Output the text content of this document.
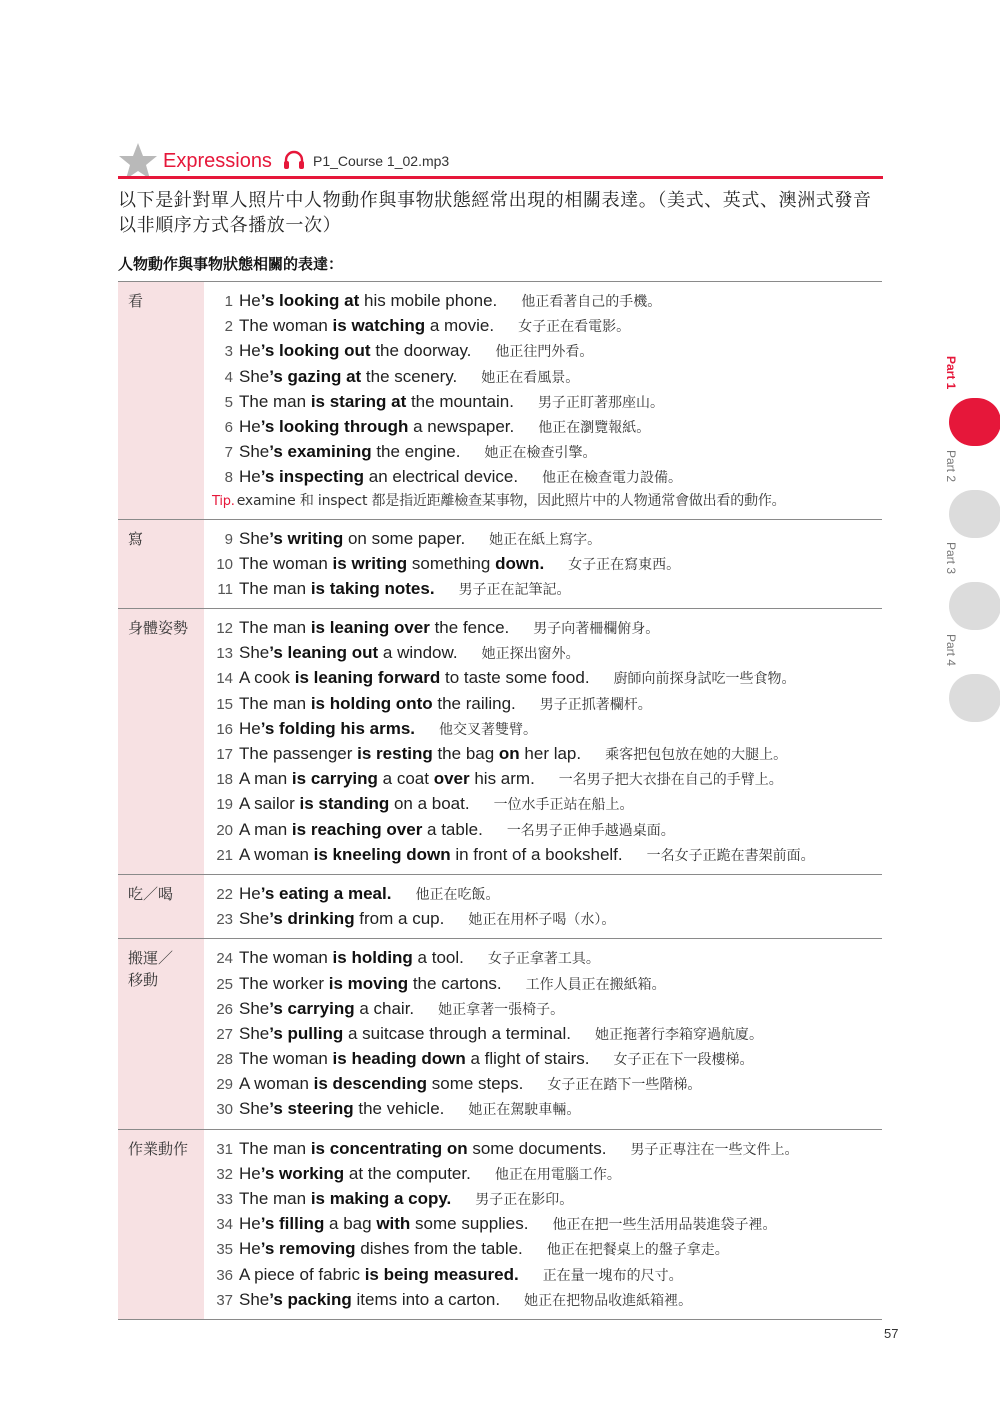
Expressions	P1_Course 1_02.mp3
以下是針對單人照片中人物動作與事物狀態經常出現的相關表達。（美式、英式、澳洲式發音以非順序方式各播放一次）
人物動作與事物狀態相關的表達：
看	1 He’s looking at his mobile phone. 他正看著自己的手機。
2 The woman is watching a movie. 女子正在看電影。
3 He’s looking out the doorway. 他正往門外看。
4 She’s gazing at the scenery. 她正在看風景。
5 The man is staring at the mountain. 男子正盯著那座山。
6 He’s looking through a newspaper. 他正在瀏覽報紙。
7 She’s examining the engine. 她正在檢查引擎。
8 He’s inspecting an electrical device. 他正在檢查電力設備。
Tip. examine 和 inspect 都是指近距離檢查某事物，因此照片中的人物通常會做出看的動作。
寫	9 She’s writing on some paper. 她正在紙上寫字。
10 The woman is writing something down. 女子正在寫東西。
11 The man is taking notes. 男子正在記筆記。
身體姿勢 12 The man is leaning over the fence. 男子向著柵欄俯身。
13 She’s leaning out a window. 她正探出窗外。
14 A cook is leaning forward to taste some food. 廚師向前探身試吃一些食物。
15 The man is holding onto the railing. 男子正抓著欄杆。
16 He’s folding his arms. 他交叉著雙臂。
17 The passenger is resting the bag on her lap. 乘客把包包放在她的大腿上。
18 A man is carrying a coat over his arm. 一名男子把大衣掛在自己的手臂上。
19 A sailor is standing on a boat. 一位水手正站在船上。
20 A man is reaching over a table. 一名男子正伸手越過桌面。
21 A woman is kneeling down in front of a bookshelf. 一名女子正跪在書架前面。
吃／喝	22 He’s eating a meal. 他正在吃飯。
23 She’s drinking from a cup. 她正在用杯子喝（水）。
搬運／
移動
24 The woman is holding a tool. 女子正拿著工具。
25 The worker is moving the cartons. 工作人員正在搬紙箱。
26 She’s carrying a chair. 她正拿著一張椅子。
27 She’s pulling a suitcase through a terminal. 她正拖著行李箱穿過航廈。
28 The woman is heading down a flight of stairs. 女子正在下一段樓梯。
29 A woman is descending some steps. 女子正在踏下一些階梯。
30 She’s steering the vehicle. 她正在駕駛車輛。
作業動作 31 The man is concentrating on some documents. 男子正專注在一些文件上。
32 He’s working at the computer. 他正在用電腦工作。
33 The man is making a copy. 男子正在影印。
34 He’s filling a bag with some supplies. 他正在把一些生活用品裝進袋子裡。
35 He’s removing dishes from the table. 他正在把餐桌上的盤子拿走。
36 A piece of fabric is being measured. 正在量一塊布的尺寸。
37 She’s packing items into a carton. 她正在把物品收進紙箱裡。
Part 1
Part 2
Part 3
Part 4
57
